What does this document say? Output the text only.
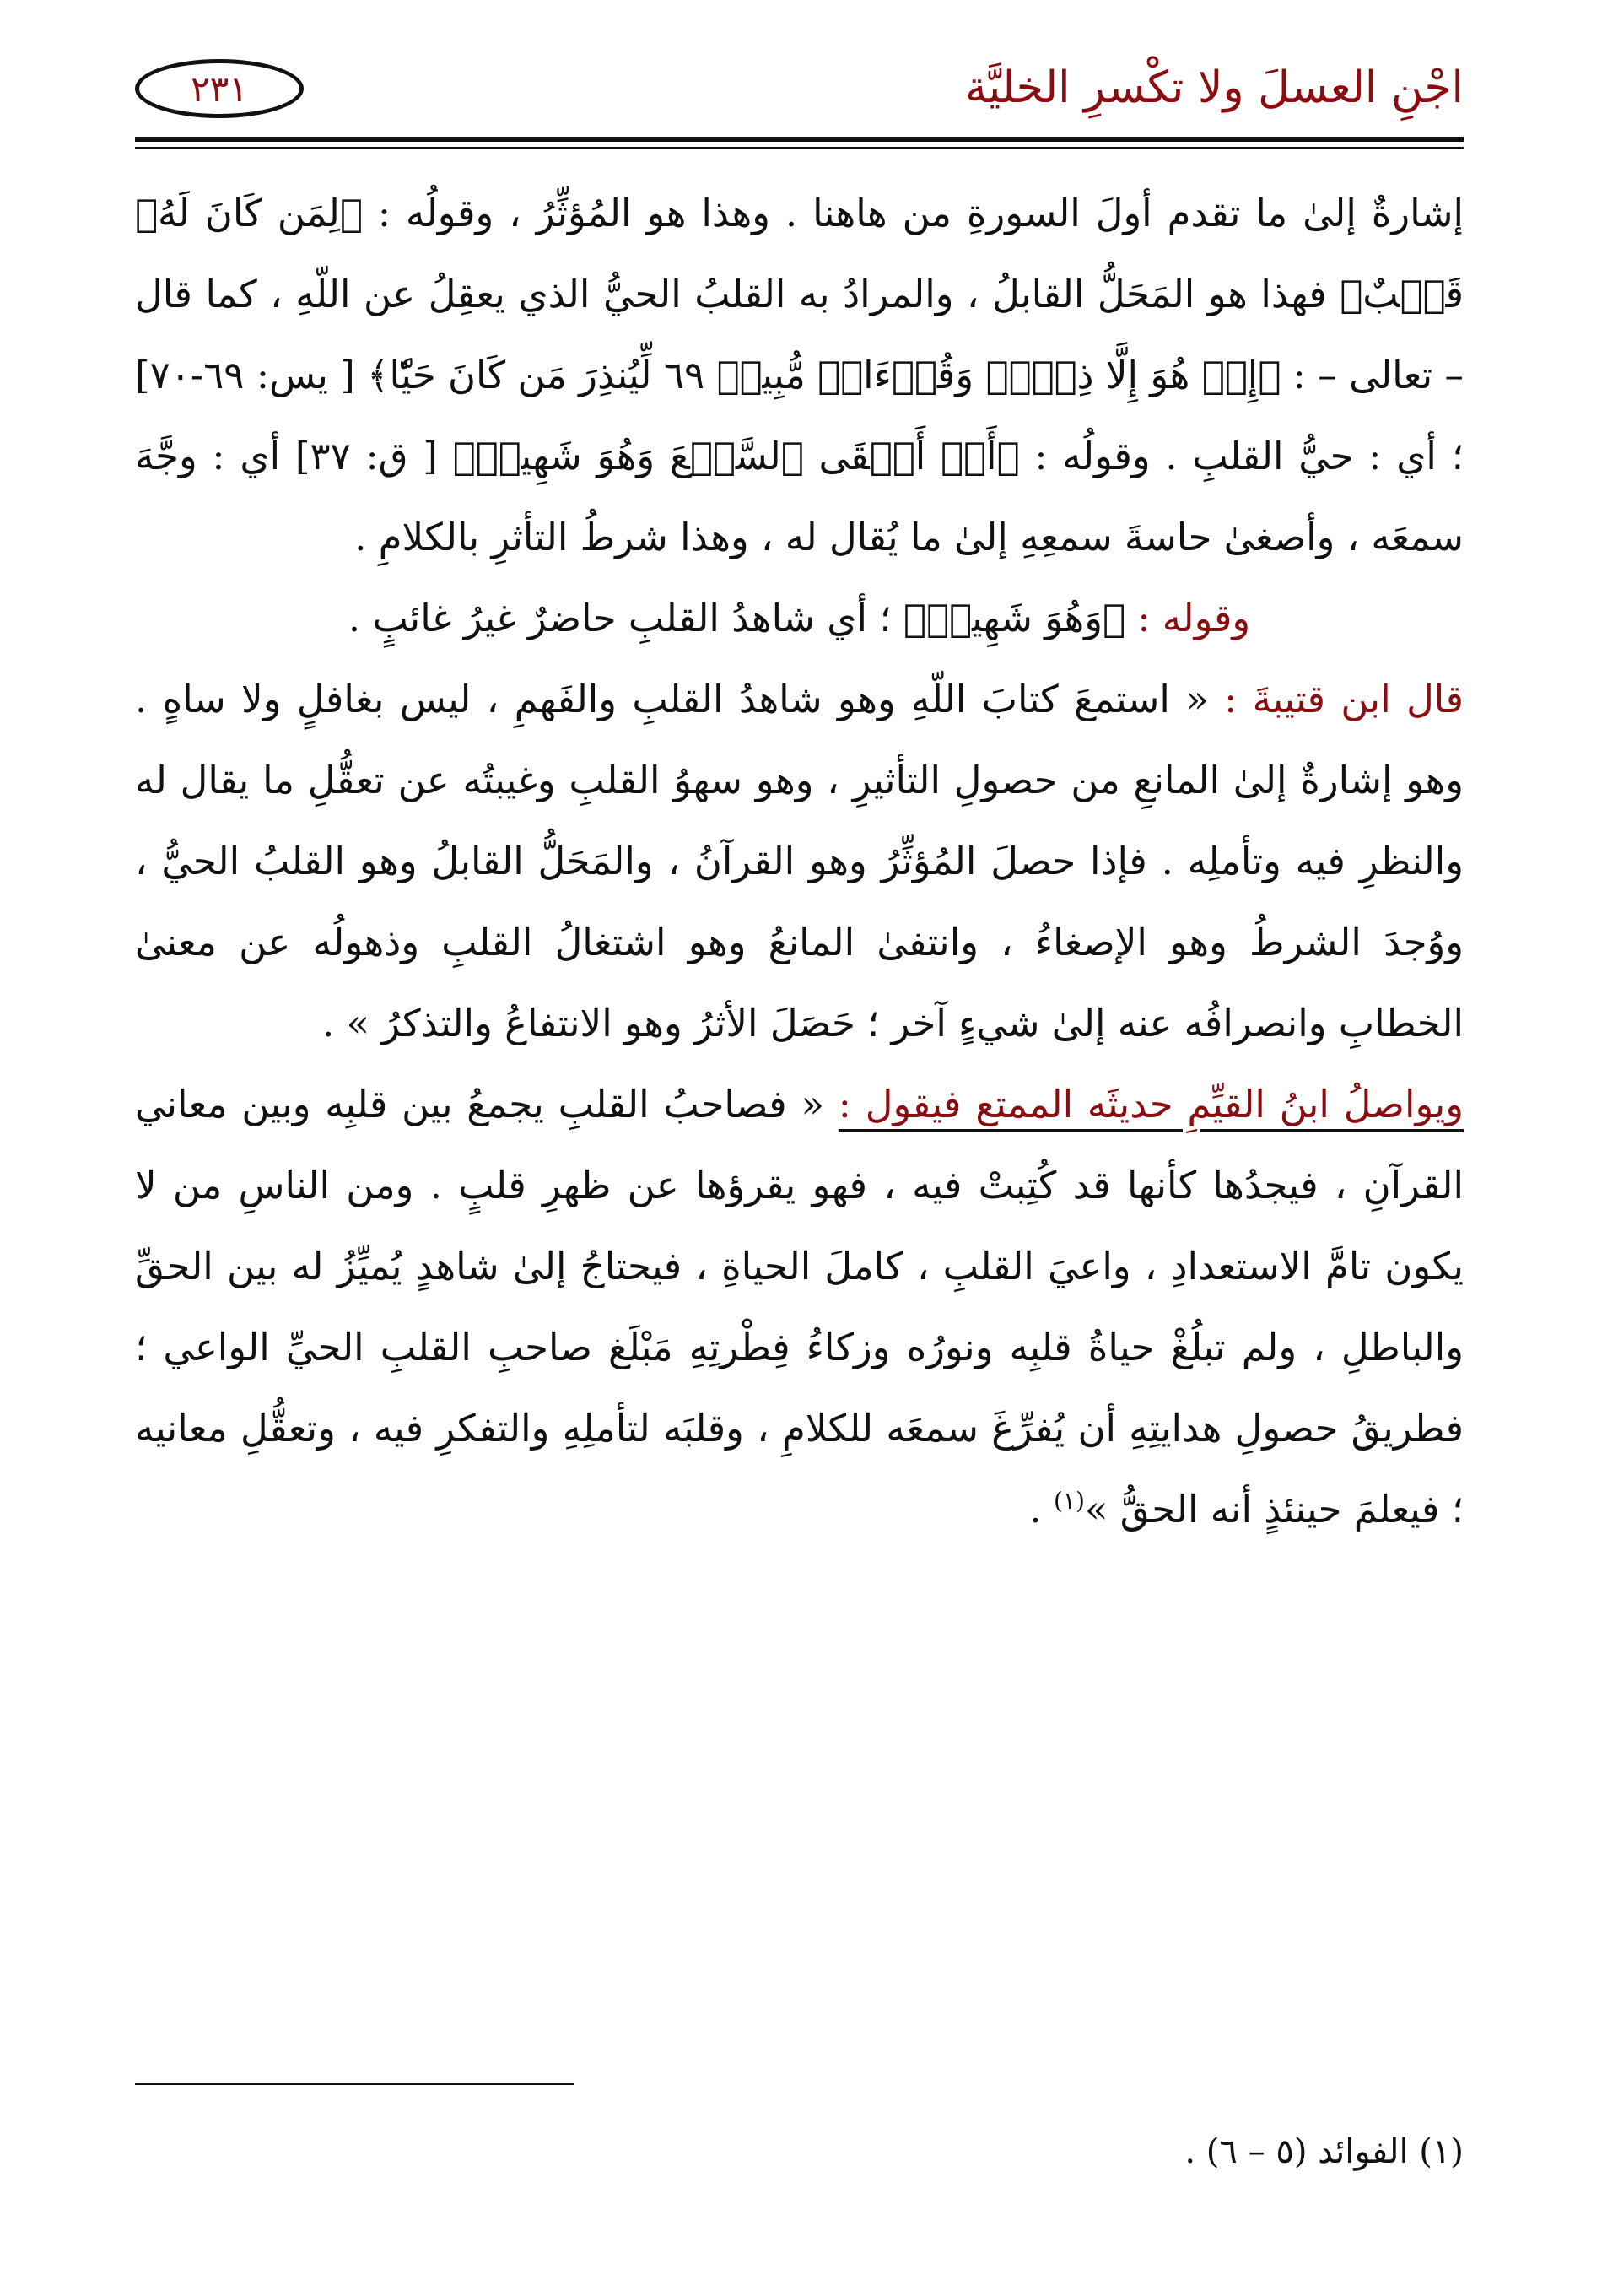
اجْنِ العسلَ ولا تكْسرِ الخليَّة
٢٣١

إشارةٌ إلىٰ ما تقدم أولَ السورةِ من هاهنا . وهذا هو المُؤثِّرُ ، وقولُه : ﴿لِمَن كَانَ لَهُۥ قَلۡبٌ﴾ فهذا هو المَحَلُّ القابلُ ، والمرادُ به القلبُ الحيُّ الذي يعقِلُ عن اللّهِ ، كما قال – تعالى – : ﴿إِنۡ هُوَ إِلَّا ذِكۡرٞ وَقُرۡءَانٞ مُّبِينٞ ٦٩ لِّيُنذِرَ مَن كَانَ حَيّٗا﴾ [ يس: ٦٩-٧٠] ؛ أي : حيُّ القلبِ . وقولُه : ﴿أَوۡ أَلۡقَى ٱلسَّمۡعَ وَهُوَ شَهِيدٞ﴾ [ ق: ٣٧] أي : وجَّهَ سمعَه ، وأصغىٰ حاسةَ سمعِهِ إلىٰ ما يُقال له ، وهذا شرطُ التأثرِ بالكلامِ .

وقوله : ﴿وَهُوَ شَهِيدٞ﴾ ؛ أي شاهدُ القلبِ حاضرٌ غيرُ غائبٍ .

قال ابن قتيبةَ : « استمعَ كتابَ اللّهِ وهو شاهدُ القلبِ والفَهمِ ، ليس بغافلٍ ولا ساهٍ . وهو إشارةٌ إلىٰ المانعِ من حصولِ التأثيرِ ، وهو سهوُ القلبِ وغيبتُه عن تعقُّلِ ما يقال له والنظرِ فيه وتأملِه . فإذا حصلَ المُؤثِّرُ وهو القرآنُ ، والمَحَلُّ القابلُ وهو القلبُ الحيُّ ، ووُجدَ الشرطُ وهو الإصغاءُ ، وانتفىٰ المانعُ وهو اشتغالُ القلبِ وذهولُه عن معنىٰ الخطابِ وانصرافُه عنه إلىٰ شيءٍ آخر ؛ حَصَلَ الأثرُ وهو الانتفاعُ والتذكرُ » .

ويواصلُ ابنُ القيِّمِ حديثَه الممتع فيقول : « فصاحبُ القلبِ يجمعُ بين قلبِه وبين معاني القرآنِ ، فيجدُها كأنها قد كُتِبتْ فيه ، فهو يقرؤها عن ظهرِ قلبٍ . ومن الناسِ من لا يكون تامَّ الاستعدادِ ، واعيَ القلبِ ، كاملَ الحياةِ ، فيحتاجُ إلىٰ شاهدٍ يُميِّزُ له بين الحقِّ والباطلِ ، ولم تبلُغْ حياةُ قلبِه ونورُه وزكاءُ فِطْرتِهِ مَبْلَغ صاحبِ القلبِ الحيِّ الواعي ؛ فطريقُ حصولِ هدايتِهِ أن يُفرِّغَ سمعَه للكلامِ ، وقلبَه لتأملِهِ والتفكرِ فيه ، وتعقُّلِ معانيه ؛ فيعلمَ حينئذٍ أنه الحقُّ »$^{(١)}$ .

(١) الفوائد (٥ – ٦) .
